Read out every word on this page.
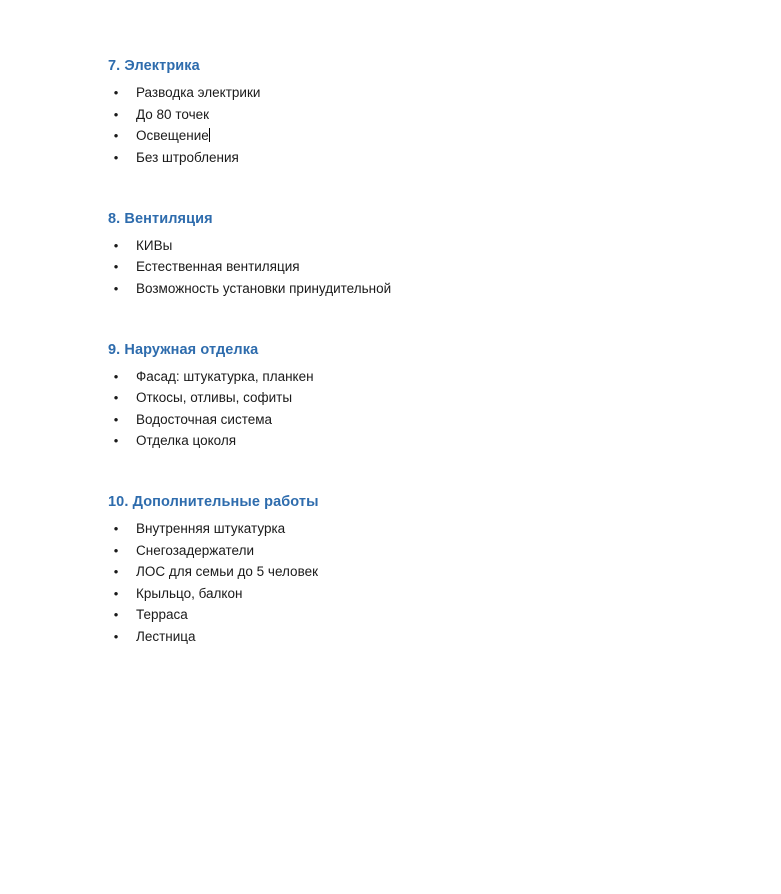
7. Электрика
• Разводка электрики
• До 80 точек
• Освещение
• Без штробления
8. Вентиляция
• КИВы
• Естественная вентиляция
• Возможность установки принудительной
9. Наружная отделка
• Фасад: штукатурка, планкен
• Откосы, отливы, софиты
• Водосточная система
• Отделка цоколя
10. Дополнительные работы
• Внутренняя штукатурка
• Снегозадержатели
• ЛОС для семьи до 5 человек
• Крыльцо, балкон
• Терраса
• Лестница
